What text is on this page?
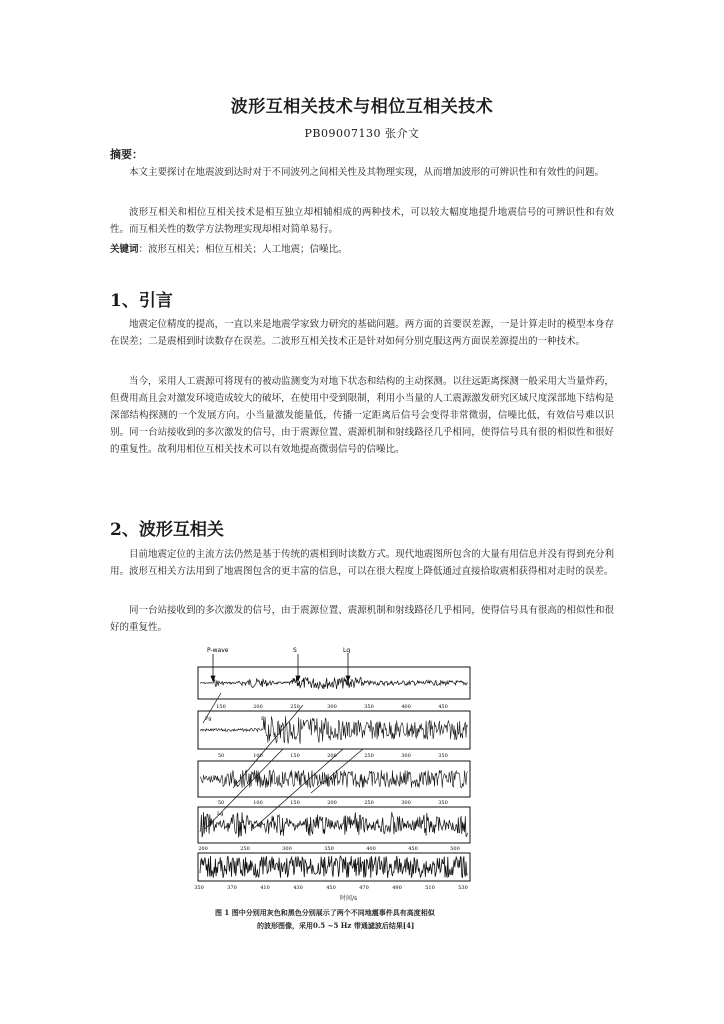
波形互相关技术与相位互相关技术
PB09007130 张介文
摘要：
本文主要探讨在地震波到达时对于不同波列之间相关性及其物理实现，从而增加波形的可辨识性和有效性的问题。
波形互相关和相位互相关技术是相互独立却相辅相成的两种技术，可以较大幅度地提升地震信号的可辨识性和有效性。而互相关性的数学方法物理实现却相对简单易行。
关键词：波形互相关；相位互相关；人工地震；信噪比。
1、引言
地震定位精度的提高，一直以来是地震学家致力研究的基础问题。两方面的首要误差源，一是计算走时的模型本身存在误差；二是震相到时读数存在误差。二波形互相关技术正是针对如何分别克服这两方面误差源提出的一种技术。
当今，采用人工震源可将现有的被动监测变为对地下状态和结构的主动探测。以往远距离探测一般采用大当量炸药，但费用高且会对激发环境造成较大的破坏，在使用中受到限制，利用小当量的人工震源激发研究区域尺度深部地下结构是深部结构探测的一个发展方向。小当量激发能量低，传播一定距离后信号会变得非常微弱，信噪比低，有效信号难以识别。同一台站接收到的多次激发的信号，由于震源位置、震源机制和射线路径几乎相同，使得信号具有很的相似性和很好的重复性。故利用相位互相关技术可以有效地提高微弱信号的信噪比。
2、波形互相关
目前地震定位的主流方法仍然是基于传统的震相到时读数方式。现代地震图所包含的大量有用信息并没有得到充分利用。波形互相关方法用到了地震图包含的更丰富的信息，可以在很大程度上降低通过直接拾取震相获得相对走时的误差。
同一台站接收到的多次激发的信号，由于震源位置、震源机制和射线路径几乎相同，使得信号具有很高的相似性和很好的重复性。
P-wave	S	Lg
150	200	250	300	350	400	450
Pg	P
50	100	150	200	250	300	350
50	100	150	200	250	300	350
Lg
200	250	300	350	400	450	500
350	370	410	430	450	470	490	510	530
图 1 图中分别用灰色和黑色分别展示了两个不同地震事件具有高度相似
的波形图像，采用0.5 ~5 Hz 带通滤波后结果[4]
时间/s
